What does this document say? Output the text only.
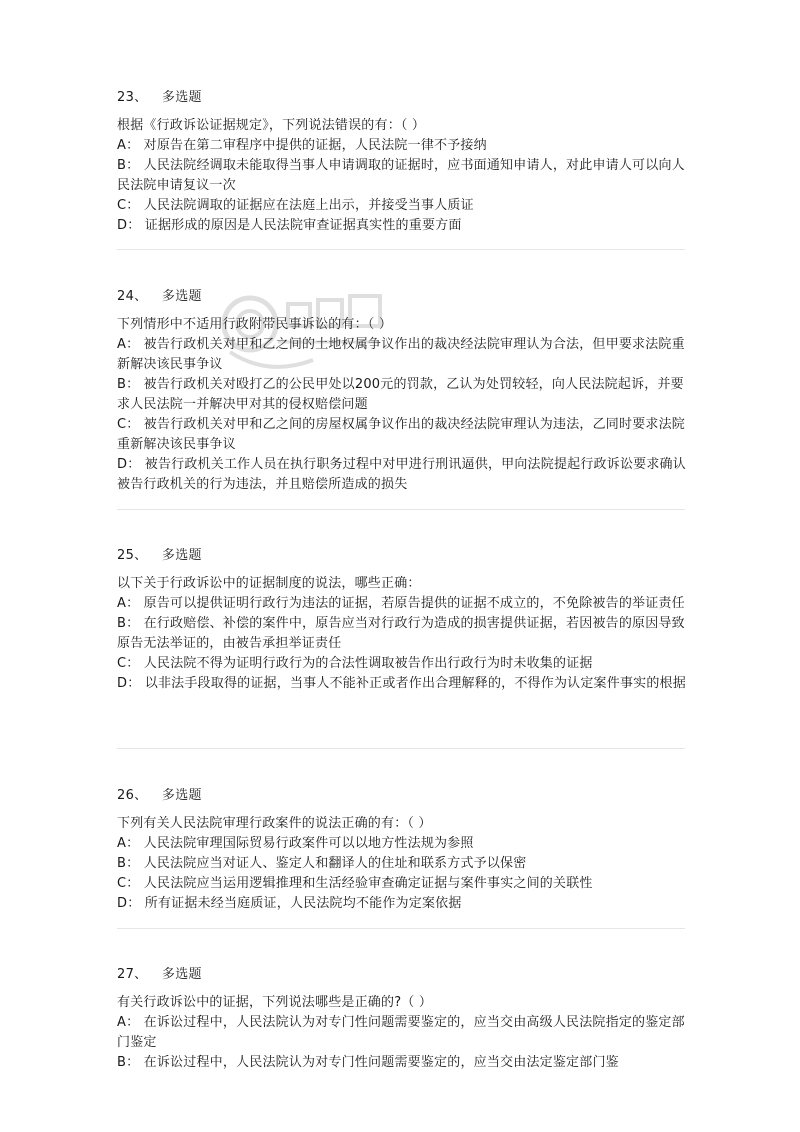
23、 多选题
根据《行政诉讼证据规定》，下列说法错误的有：（ ）
A： 对原告在第二审程序中提供的证据，人民法院一律不予接纳
B： 人民法院经调取未能取得当事人申请调取的证据时，应书面通知申请人，对此申请人可以向人民法院申请复议一次
C： 人民法院调取的证据应在法庭上出示，并接受当事人质证
D： 证据形成的原因是人民法院审查证据真实性的重要方面
24、 多选题
下列情形中不适用行政附带民事诉讼的有：（ ）
A： 被告行政机关对甲和乙之间的土地权属争议作出的裁决经法院审理认为合法，但甲要求法院重新解决该民事争议
B： 被告行政机关对殴打乙的公民甲处以200元的罚款，乙认为处罚较轻，向人民法院起诉，并要求人民法院一并解决甲对其的侵权赔偿问题
C： 被告行政机关对甲和乙之间的房屋权属争议作出的裁决经法院审理认为违法，乙同时要求法院重新解决该民事争议
D： 被告行政机关工作人员在执行职务过程中对甲进行刑讯逼供，甲向法院提起行政诉讼要求确认被告行政机关的行为违法，并且赔偿所造成的损失
25、 多选题
以下关于行政诉讼中的证据制度的说法，哪些正确：
A： 原告可以提供证明行政行为违法的证据，若原告提供的证据不成立的，不免除被告的举证责任
B： 在行政赔偿、补偿的案件中，原告应当对行政行为造成的损害提供证据，若因被告的原因导致原告无法举证的，由被告承担举证责任
C： 人民法院不得为证明行政行为的合法性调取被告作出行政行为时未收集的证据
D： 以非法手段取得的证据，当事人不能补正或者作出合理解释的，不得作为认定案件事实的根据
26、 多选题
下列有关人民法院审理行政案件的说法正确的有：（ ）
A： 人民法院审理国际贸易行政案件可以以地方性法规为参照
B： 人民法院应当对证人、鉴定人和翻译人的住址和联系方式予以保密
C： 人民法院应当运用逻辑推理和生活经验审查确定证据与案件事实之间的关联性
D： 所有证据未经当庭质证，人民法院均不能作为定案依据
27、 多选题
有关行政诉讼中的证据，下列说法哪些是正确的?（ ）
A： 在诉讼过程中，人民法院认为对专门性问题需要鉴定的，应当交由高级人民法院指定的鉴定部门鉴定
B： 在诉讼过程中，人民法院认为对专门性问题需要鉴定的，应当交由法定鉴定部门鉴
